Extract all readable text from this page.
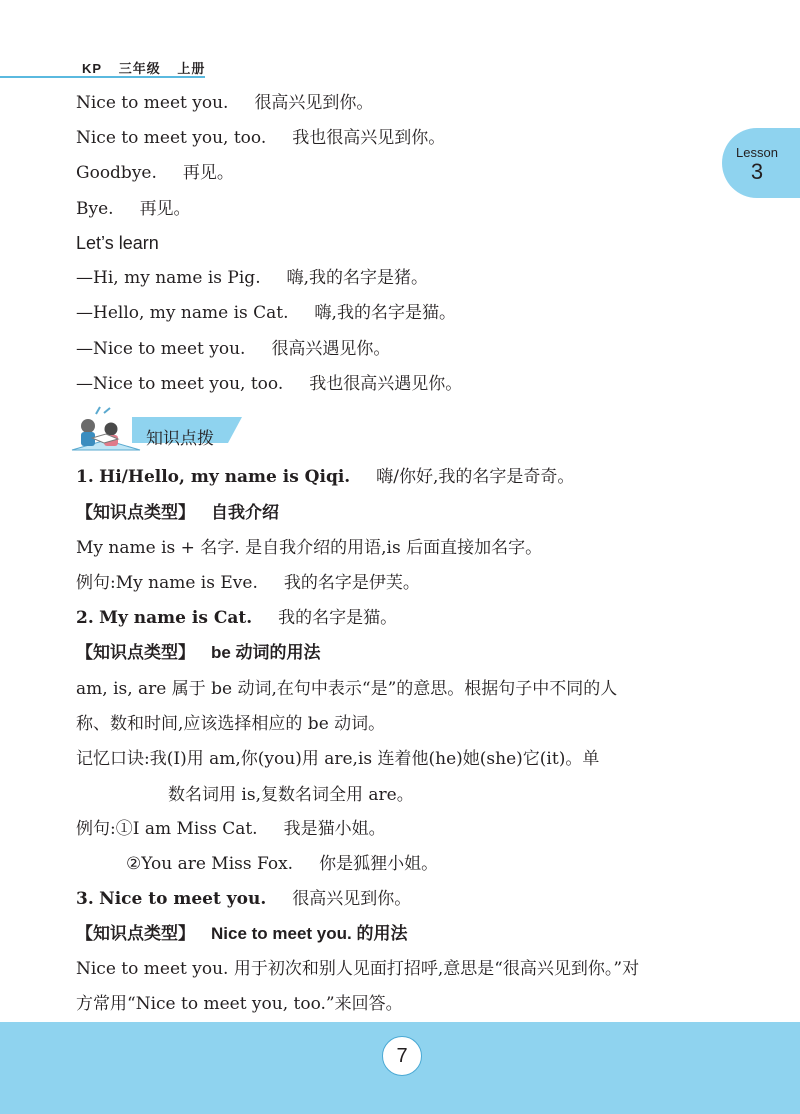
KP 三年级 上册
Lesson
3
Nice to meet you. 很高兴见到你。
Nice to meet you, too. 我也很高兴见到你。
Goodbye. 再见。
Bye. 再见。
Let’s learn
—Hi, my name is Pig. 嗨,我的名字是猪。
—Hello, my name is Cat. 嗨,我的名字是猫。
—Nice to meet you. 很高兴遇见你。
—Nice to meet you, too. 我也很高兴遇见你。
知识点拨
1. Hi/Hello, my name is Qiqi. 嗨/你好,我的名字是奇奇。
【知识点类型】 自我介绍
My name is + 名字. 是自我介绍的用语,is 后面直接加名字。
例句:My name is Eve. 我的名字是伊芙。
2. My name is Cat. 我的名字是猫。
【知识点类型】 be 动词的用法
am, is, are 属于 be 动词,在句中表示“是”的意思。根据句子中不同的人
称、数和时间,应该选择相应的 be 动词。
记忆口诀:我(I)用 am,你(you)用 are,is 连着他(he)她(she)它(it)。单
数名词用 is,复数名词全用 are。
例句:①I am Miss Cat. 我是猫小姐。
②You are Miss Fox. 你是狐狸小姐。
3. Nice to meet you. 很高兴见到你。
【知识点类型】 Nice to meet you. 的用法
Nice to meet you. 用于初次和别人见面打招呼,意思是“很高兴见到你。”对
方常用“Nice to meet you, too.”来回答。
7
